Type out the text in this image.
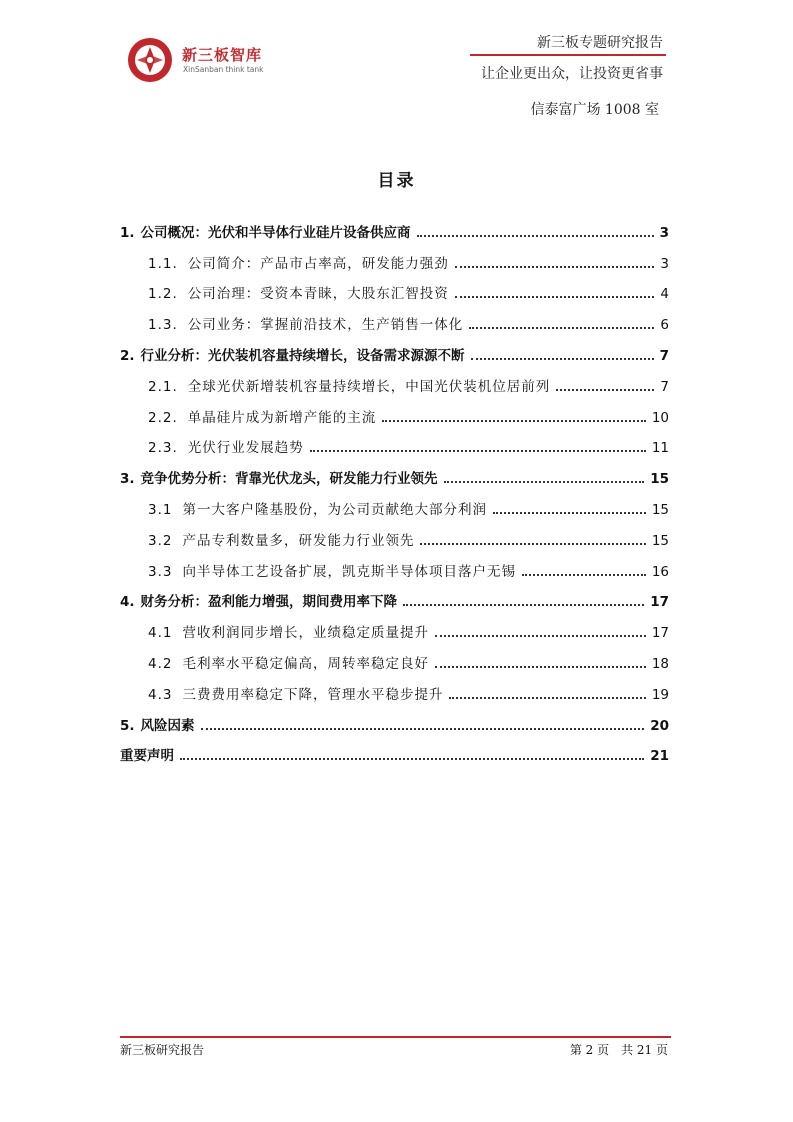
新三板智库
XinSanban think tank
新三板专题研究报告
让企业更出众，让投资更省事
信泰富广场 1008 室
目录
1. 公司概况：光伏和半导体行业硅片设备供应商	3
1.1. 公司简介：产品市占率高，研发能力强劲	3
1.2. 公司治理：受资本青睐，大股东汇智投资	4
1.3. 公司业务：掌握前沿技术，生产销售一体化	6
2. 行业分析：光伏装机容量持续增长，设备需求源源不断	7
2.1. 全球光伏新增装机容量持续增长，中国光伏装机位居前列	7
2.2. 单晶硅片成为新增产能的主流	10
2.3. 光伏行业发展趋势	11
3. 竞争优势分析：背靠光伏龙头，研发能力行业领先	15
3.1 第一大客户隆基股份，为公司贡献绝大部分利润	15
3.2 产品专利数量多，研发能力行业领先	15
3.3 向半导体工艺设备扩展，凯克斯半导体项目落户无锡	16
4. 财务分析：盈利能力增强，期间费用率下降	17
4.1 营收利润同步增长，业绩稳定质量提升	17
4.2 毛利率水平稳定偏高，周转率稳定良好	18
4.3 三费费用率稳定下降，管理水平稳步提升	19
5. 风险因素	20
重要声明	21
新三板研究报告	第 2 页　共 21 页
